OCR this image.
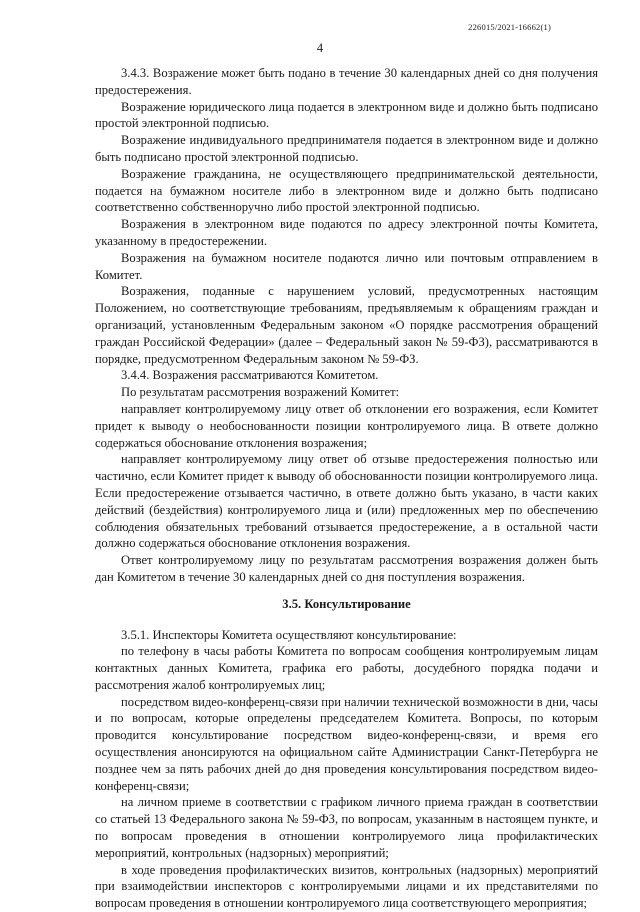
226015/2021-16662(1)
4

3.4.3. Возражение может быть подано в течение 30 календарных дней со дня получения предостережения.

Возражение юридического лица подается в электронном виде и должно быть подписано простой электронной подписью.

Возражение индивидуального предпринимателя подается в электронном виде и должно быть подписано простой электронной подписью.

Возражение гражданина, не осуществляющего предпринимательской деятельности, подается на бумажном носителе либо в электронном виде и должно быть подписано соответственно собственноручно либо простой электронной подписью.

Возражения в электронном виде подаются по адресу электронной почты Комитета, указанному в предостережении.

Возражения на бумажном носителе подаются лично или почтовым отправлением в Комитет.

Возражения, поданные с нарушением условий, предусмотренных настоящим Положением, но соответствующие требованиям, предъявляемым к обращениям граждан и организаций, установленным Федеральным законом «О порядке рассмотрения обращений граждан Российской Федерации» (далее – Федеральный закон № 59-ФЗ), рассматриваются в порядке, предусмотренном Федеральным законом № 59-ФЗ.

3.4.4. Возражения рассматриваются Комитетом.

По результатам рассмотрения возражений Комитет:

направляет контролируемому лицу ответ об отклонении его возражения, если Комитет придет к выводу о необоснованности позиции контролируемого лица. В ответе должно содержаться обоснование отклонения возражения;

направляет контролируемому лицу ответ об отзыве предостережения полностью или частично, если Комитет придет к выводу об обоснованности позиции контролируемого лица. Если предостережение отзывается частично, в ответе должно быть указано, в части каких действий (бездействия) контролируемого лица и (или) предложенных мер по обеспечению соблюдения обязательных требований отзывается предостережение, а в остальной части должно содержаться обоснование отклонения возражения.

Ответ контролируемому лицу по результатам рассмотрения возражения должен быть дан Комитетом в течение 30 календарных дней со дня поступления возражения.

3.5. Консультирование

3.5.1. Инспекторы Комитета осуществляют консультирование:

по телефону в часы работы Комитета по вопросам сообщения контролируемым лицам контактных данных Комитета, графика его работы, досудебного порядка подачи и рассмотрения жалоб контролируемых лиц;

посредством видео-конференц-связи при наличии технической возможности в дни, часы и по вопросам, которые определены председателем Комитета. Вопросы, по которым проводится консультирование посредством видео-конференц-связи, и время его осуществления анонсируются на официальном сайте Администрации Санкт-Петербурга не позднее чем за пять рабочих дней до дня проведения консультирования посредством видео-конференц-связи;

на личном приеме в соответствии с графиком личного приема граждан в соответствии со статьей 13 Федерального закона № 59-ФЗ, по вопросам, указанным в настоящем пункте, и по вопросам проведения в отношении контролируемого лица профилактических мероприятий, контрольных (надзорных) мероприятий;

в ходе проведения профилактических визитов, контрольных (надзорных) мероприятий при взаимодействии инспекторов с контролируемыми лицами и их представителями по вопросам проведения в отношении контролируемого лица соответствующего мероприятия;
